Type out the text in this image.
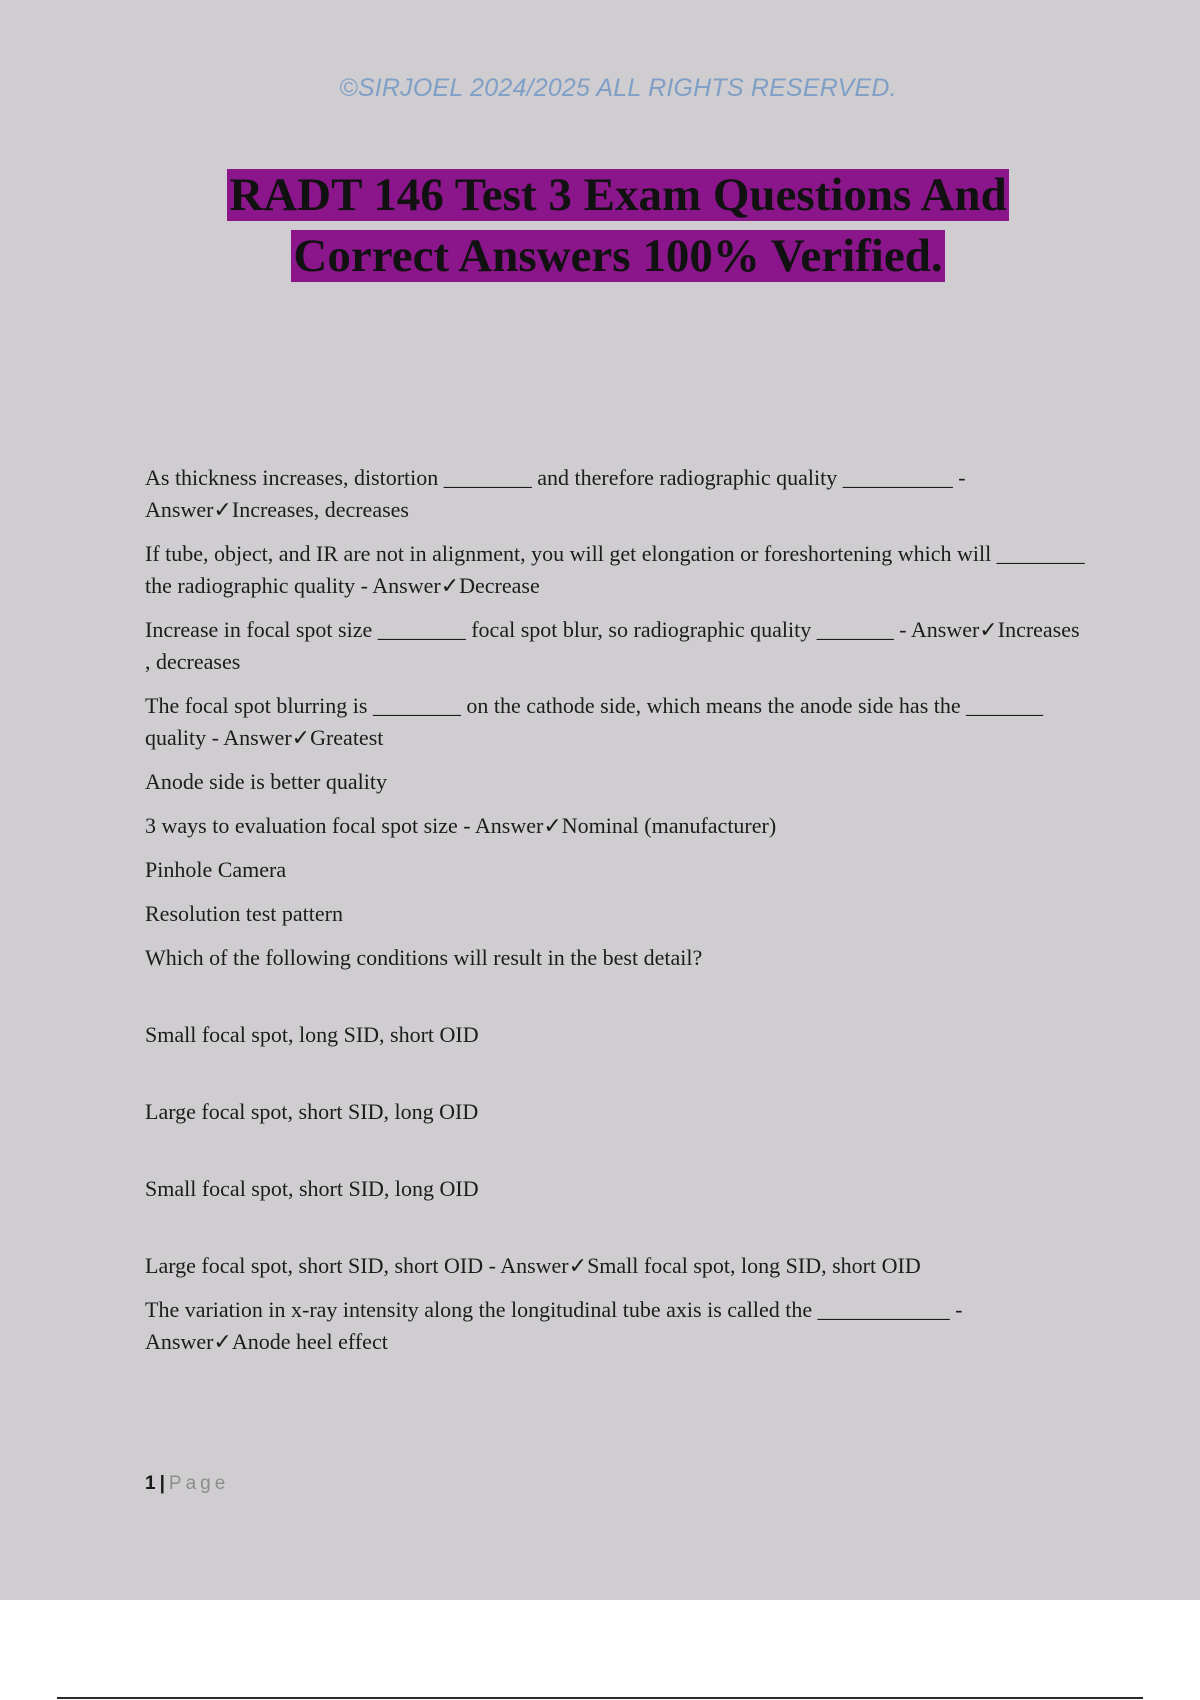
©SIRJOEL 2024/2025 ALL RIGHTS RESERVED.
RADT 146 Test 3 Exam Questions And
Correct Answers 100% Verified.

As thickness increases, distortion ________ and therefore radiographic quality __________ - Answer✓Increases, decreases

If tube, object, and IR are not in alignment, you will get elongation or foreshortening which will ________ the radiographic quality - Answer✓Decrease

Increase in focal spot size ________ focal spot blur, so radiographic quality _______ - Answer✓Increases , decreases

The focal spot blurring is ________ on the cathode side, which means the anode side has the _______ quality - Answer✓Greatest

Anode side is better quality

3 ways to evaluation focal spot size - Answer✓Nominal (manufacturer)

Pinhole Camera

Resolution test pattern

Which of the following conditions will result in the best detail?

Small focal spot, long SID, short OID

Large focal spot, short SID, long OID

Small focal spot, short SID, long OID

Large focal spot, short SID, short OID - Answer✓Small focal spot, long SID, short OID

The variation in x-ray intensity along the longitudinal tube axis is called the ____________ - Answer✓Anode heel effect

1 | Page
